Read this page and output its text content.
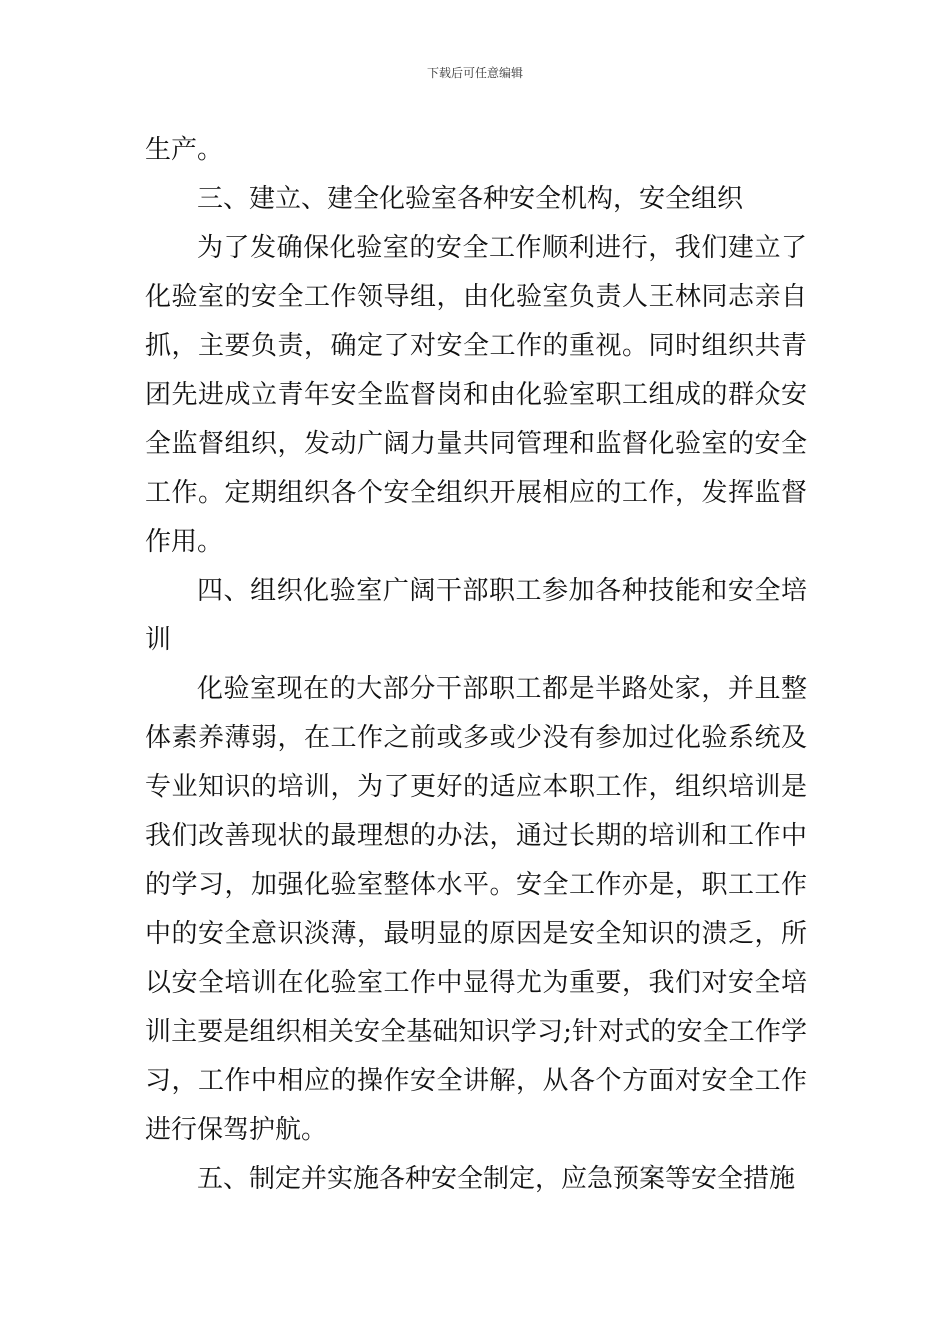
下载后可任意编辑
生产。
三、建立、建全化验室各种安全机构，安全组织
为了发确保化验室的安全工作顺利进行，我们建立了
化验室的安全工作领导组，由化验室负责人王林同志亲自
抓，主要负责，确定了对安全工作的重视。同时组织共青
团先进成立青年安全监督岗和由化验室职工组成的群众安
全监督组织，发动广阔力量共同管理和监督化验室的安全
工作。定期组织各个安全组织开展相应的工作，发挥监督
作用。
四、组织化验室广阔干部职工参加各种技能和安全培
训
化验室现在的大部分干部职工都是半路处家，并且整
体素养薄弱，在工作之前或多或少没有参加过化验系统及
专业知识的培训，为了更好的适应本职工作，组织培训是
我们改善现状的最理想的办法，通过长期的培训和工作中
的学习，加强化验室整体水平。安全工作亦是，职工工作
中的安全意识淡薄，最明显的原因是安全知识的溃乏，所
以安全培训在化验室工作中显得尤为重要，我们对安全培
训主要是组织相关安全基础知识学习;针对式的安全工作学
习，工作中相应的操作安全讲解，从各个方面对安全工作
进行保驾护航。
五、制定并实施各种安全制定，应急预案等安全措施
